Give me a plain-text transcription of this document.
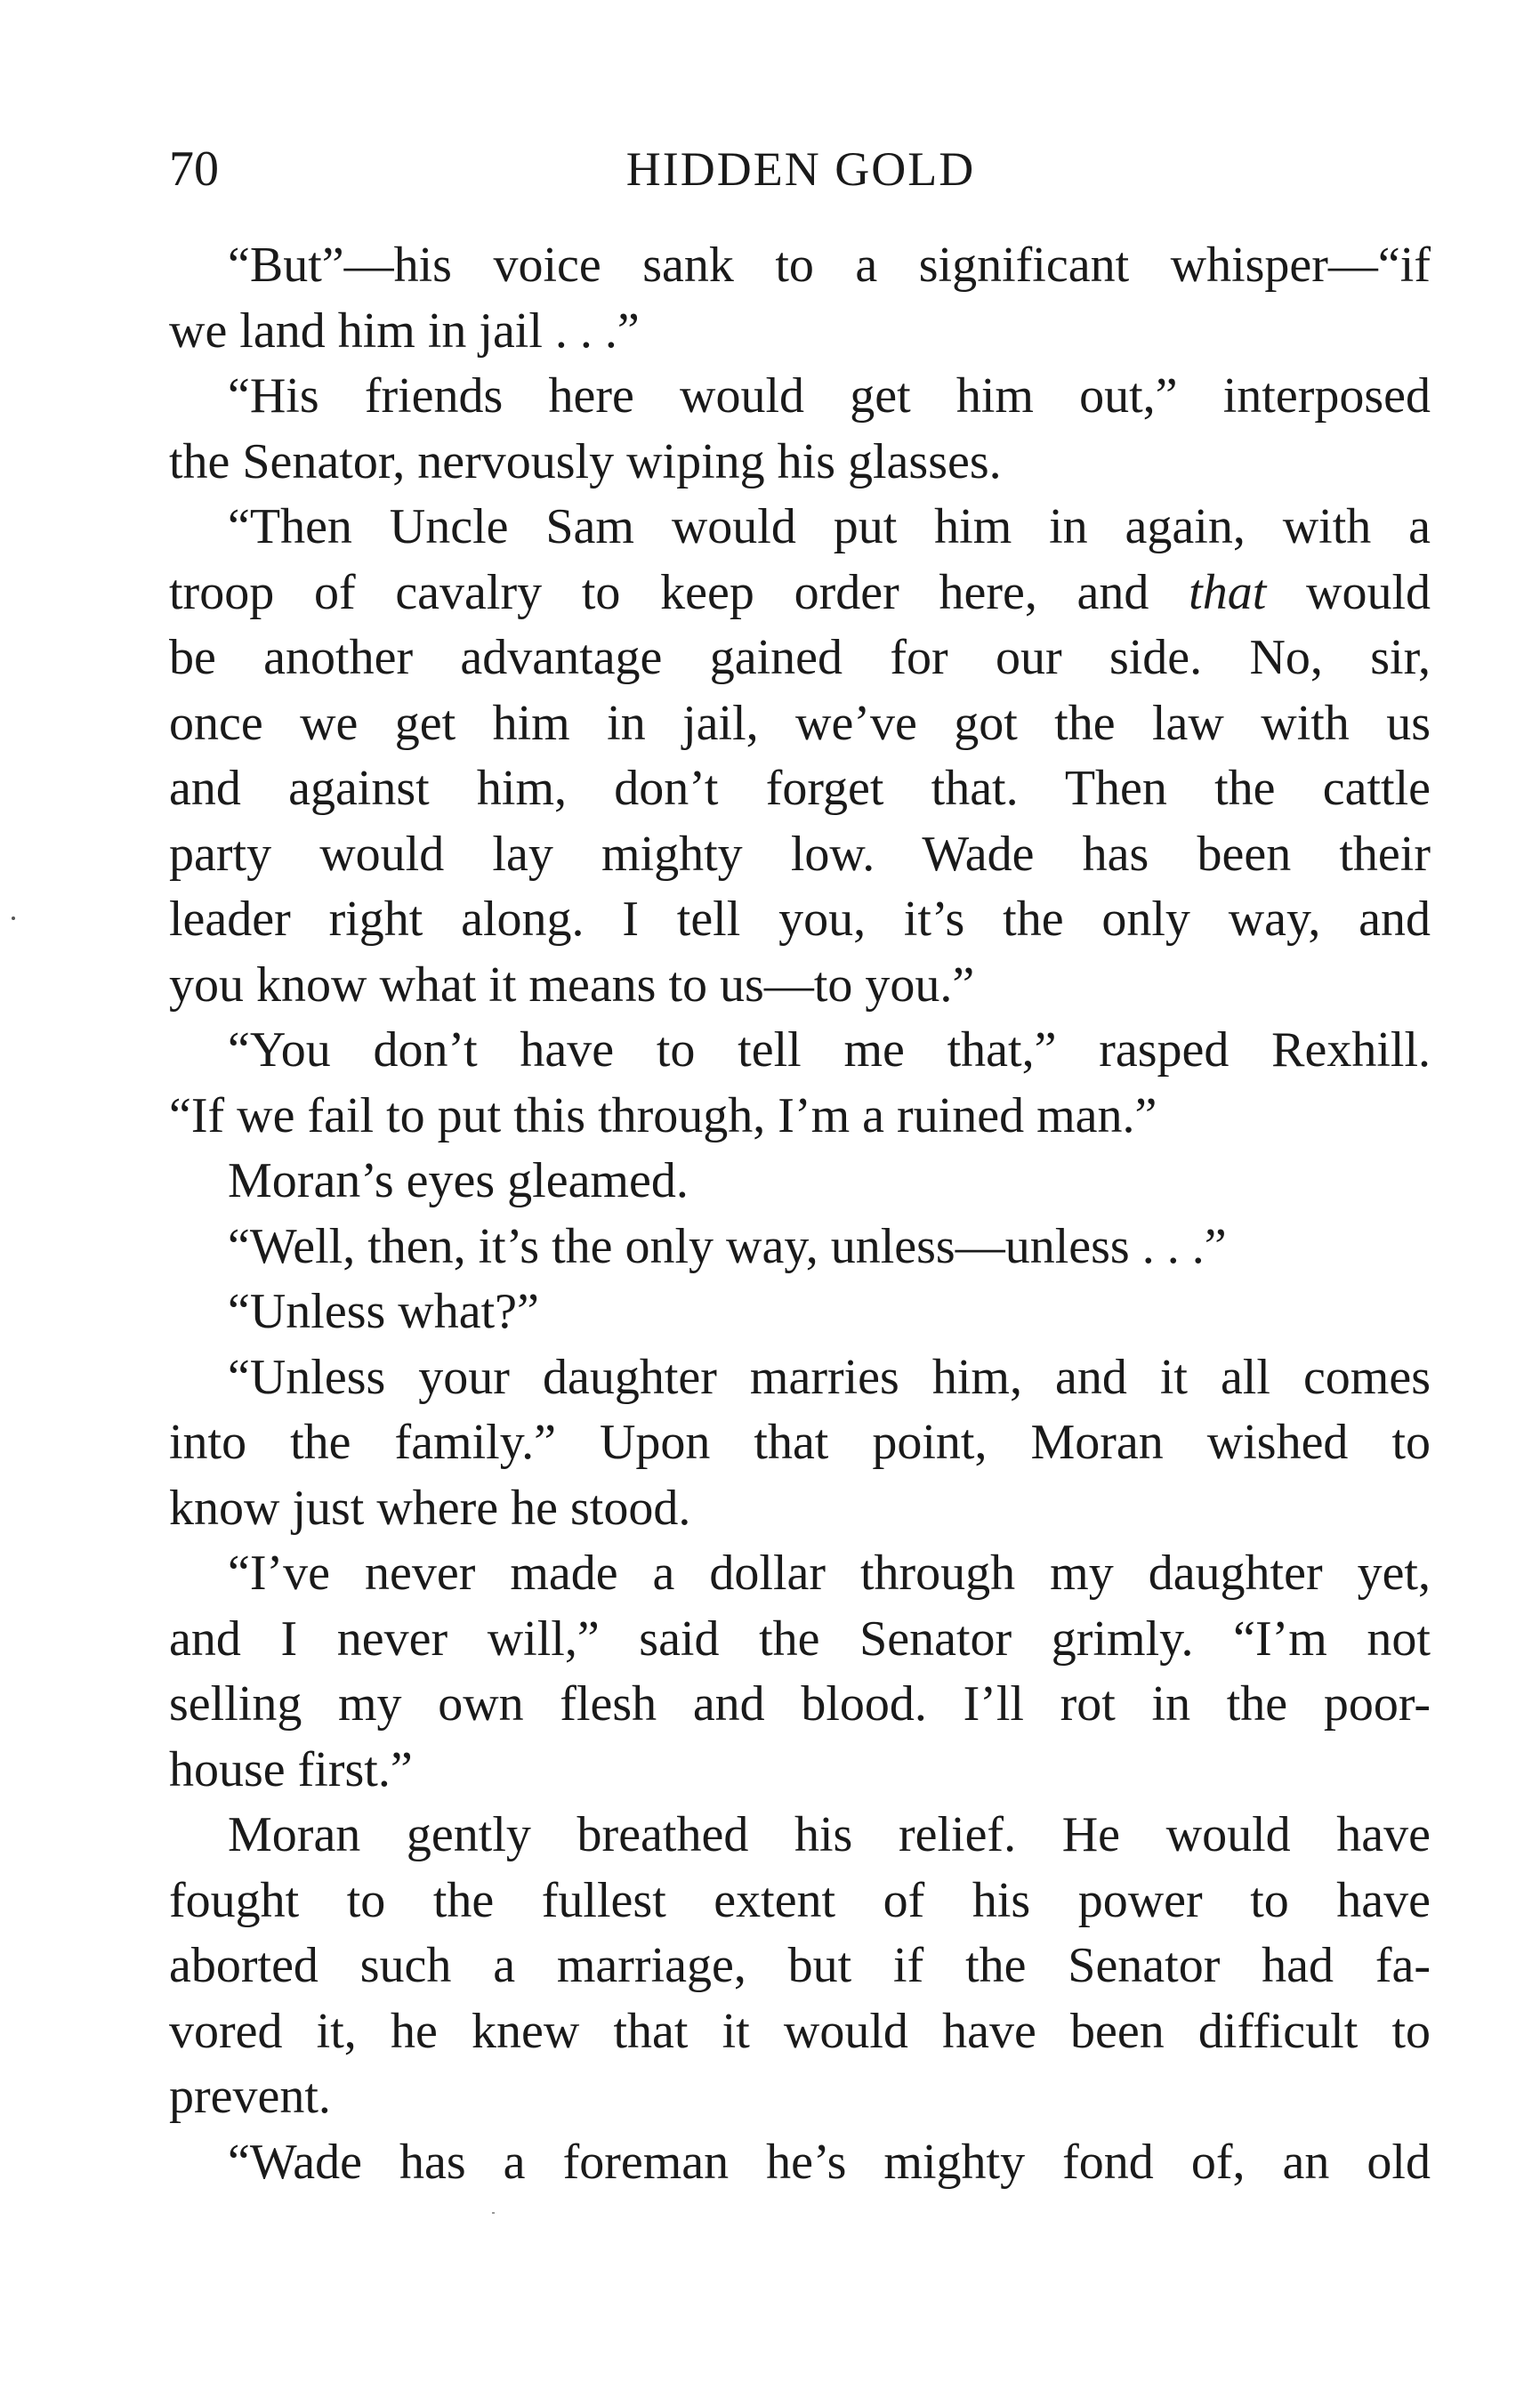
70	HIDDEN GOLD
“But”—his voice sank to a significant whisper—“if
we land him in jail . . .”
“His friends here would get him out,” interposed
the Senator, nervously wiping his glasses.
“Then Uncle Sam would put him in again, with a
troop of cavalry to keep order here, and that would
be another advantage gained for our side. No, sir,
once we get him in jail, we’ve got the law with us
and against him, don’t forget that. Then the cattle
party would lay mighty low. Wade has been their
leader right along. I tell you, it’s the only way, and
you know what it means to us—to you.”
“You don’t have to tell me that,” rasped Rexhill.
“If we fail to put this through, I’m a ruined man.”
Moran’s eyes gleamed.
“Well, then, it’s the only way, unless—unless . . .”
“Unless what?”
“Unless your daughter marries him, and it all comes
into the family.” Upon that point, Moran wished to
know just where he stood.
“I’ve never made a dollar through my daughter yet,
and I never will,” said the Senator grimly. “I’m not
selling my own flesh and blood. I’ll rot in the poor-
house first.”
Moran gently breathed his relief. He would have
fought to the fullest extent of his power to have
aborted such a marriage, but if the Senator had fa-
vored it, he knew that it would have been difficult to
prevent.
“Wade has a foreman he’s mighty fond of, an old
